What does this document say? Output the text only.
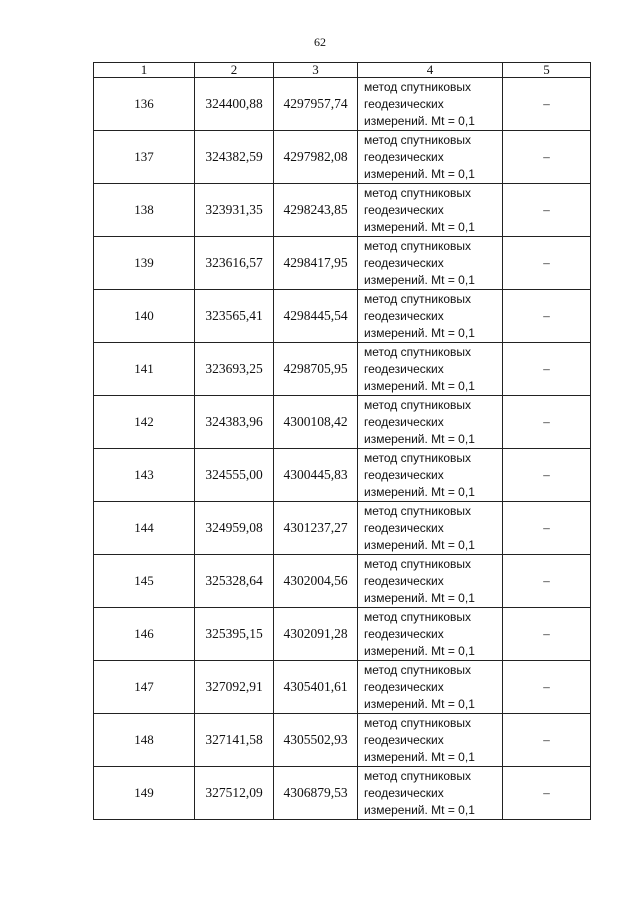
62
1	2	3	4	5
136	324400,88	4297957,74	метод спутниковых
геодезических
измерений. Mt = 0,1	–
137	324382,59	4297982,08	метод спутниковых
геодезических
измерений. Mt = 0,1	–
138	323931,35	4298243,85	метод спутниковых
геодезических
измерений. Mt = 0,1	–
139	323616,57	4298417,95	метод спутниковых
геодезических
измерений. Mt = 0,1	–
140	323565,41	4298445,54	метод спутниковых
геодезических
измерений. Mt = 0,1	–
141	323693,25	4298705,95	метод спутниковых
геодезических
измерений. Mt = 0,1	–
142	324383,96	4300108,42	метод спутниковых
геодезических
измерений. Mt = 0,1	–
143	324555,00	4300445,83	метод спутниковых
геодезических
измерений. Mt = 0,1	–
144	324959,08	4301237,27	метод спутниковых
геодезических
измерений. Mt = 0,1	–
145	325328,64	4302004,56	метод спутниковых
геодезических
измерений. Mt = 0,1	–
146	325395,15	4302091,28	метод спутниковых
геодезических
измерений. Mt = 0,1	–
147	327092,91	4305401,61	метод спутниковых
геодезических
измерений. Mt = 0,1	–
148	327141,58	4305502,93	метод спутниковых
геодезических
измерений. Mt = 0,1	–
149	327512,09	4306879,53	метод спутниковых
геодезических
измерений. Mt = 0,1	–
